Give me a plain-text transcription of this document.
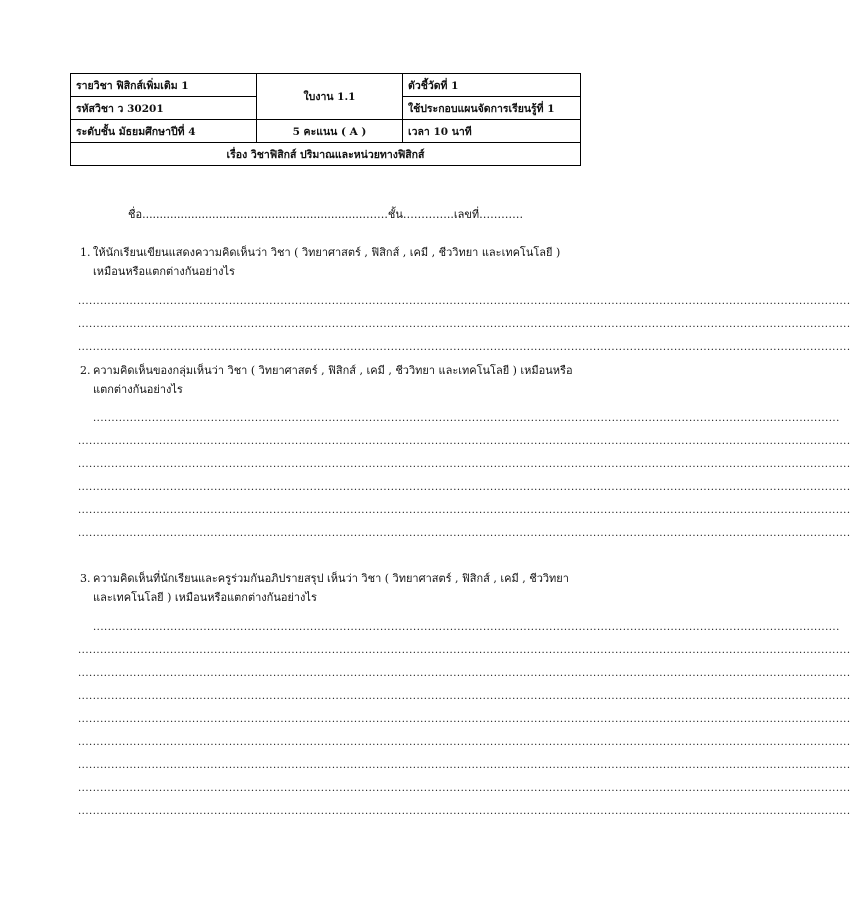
รายวิชา ฟิสิกส์เพิ่มเติม 1	ใบงาน 1.1	ตัวชี้วัดที่ 1
รหัสวิชา ว 30201		ใช้ประกอบแผนจัดการเรียนรู้ที่ 1
ระดับชั้น มัธยมศึกษาปีที่ 4	5 คะแนน ( A )	เวลา 10 นาที
เรื่อง วิชาฟิสิกส์ ปริมาณและหน่วยทางฟิสิกส์		
ชื่อ...............................................................…….ชั้น…………..เลขที่…………
1. ให้นักเรียนเขียนแสดงความคิดเห็นว่า วิชา ( วิทยาศาสตร์ , ฟิสิกส์ , เคมี , ชีววิทยา และเทคโนโลยี ) เหมือนหรือแตกต่างกันอย่างไร
..................................................................................................................................................................................................................
..................................................................................................................................................................................................................
..................................................................................................................................................................................................................
2. ความคิดเห็นของกลุ่มเห็นว่า วิชา ( วิทยาศาสตร์ , ฟิสิกส์ , เคมี , ชีววิทยา และเทคโนโลยี ) เหมือนหรือแตกต่างกันอย่างไร
...........................................................................................................................................................................................................
..................................................................................................................................................................................................................
..................................................................................................................................................................................................................
..................................................................................................................................................................................................................
..................................................................................................................................................................................................................
..................................................................................................................................................................................................................
3. ความคิดเห็นที่นักเรียนและครูร่วมกันอภิปรายสรุป เห็นว่า วิชา ( วิทยาศาสตร์ , ฟิสิกส์ , เคมี , ชีววิทยา และเทคโนโลยี ) เหมือนหรือแตกต่างกันอย่างไร
...........................................................................................................................................................................................................
..................................................................................................................................................................................................................
..................................................................................................................................................................................................................
..................................................................................................................................................................................................................
..................................................................................................................................................................................................................
..................................................................................................................................................................................................................
..................................................................................................................................................................................................................
..................................................................................................................................................................................................................
..................................................................................................................................................................................................................
